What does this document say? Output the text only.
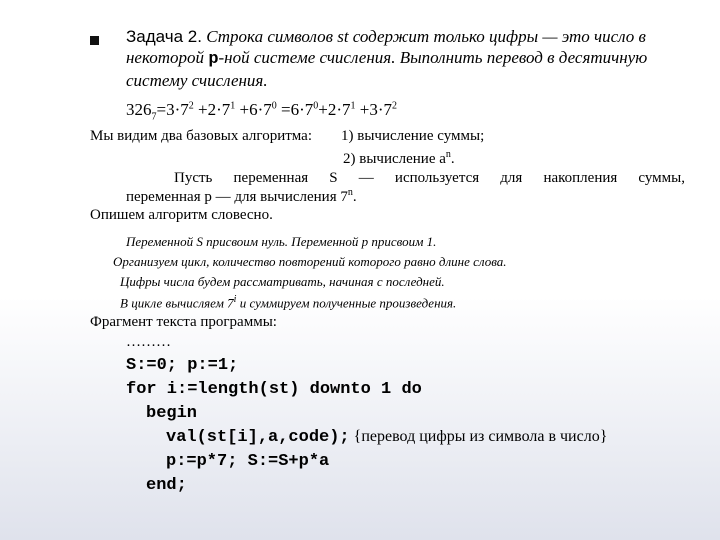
Задача 2. Строка символов st содержит только цифры — это число в некоторой p-ной системе счисления. Выполнить перевод в десятичную систему счисления.
$326_7=3\cdot 7^2 +2\cdot 7^1 +6\cdot 7^0 =6\cdot 7^0+2\cdot 7^1 +3\cdot 7^2$
Мы видим два базовых алгоритма: 1) вычисление суммы;
2) вычисление $a^n$.
Пусть переменная S — используется для накопления суммы,
переменная p — для вычисления 7$^n$.
Опишем алгоритм словесно.
Переменной S присвоим нуль. Переменной p присвоим 1.
Организуем цикл, количество повторений которого равно длине слова.
Цифры числа будем рассматривать, начиная с последней.
В цикле вычисляем 7$^i$ и суммируем полученные произведения.
Фрагмент текста программы:
………
S:=0; p:=1;
for i:=length(st) downto 1 do
begin
val(st[i],a,code); {перевод цифры из символа в число}
p:=p*7; S:=S+p*a
end;
